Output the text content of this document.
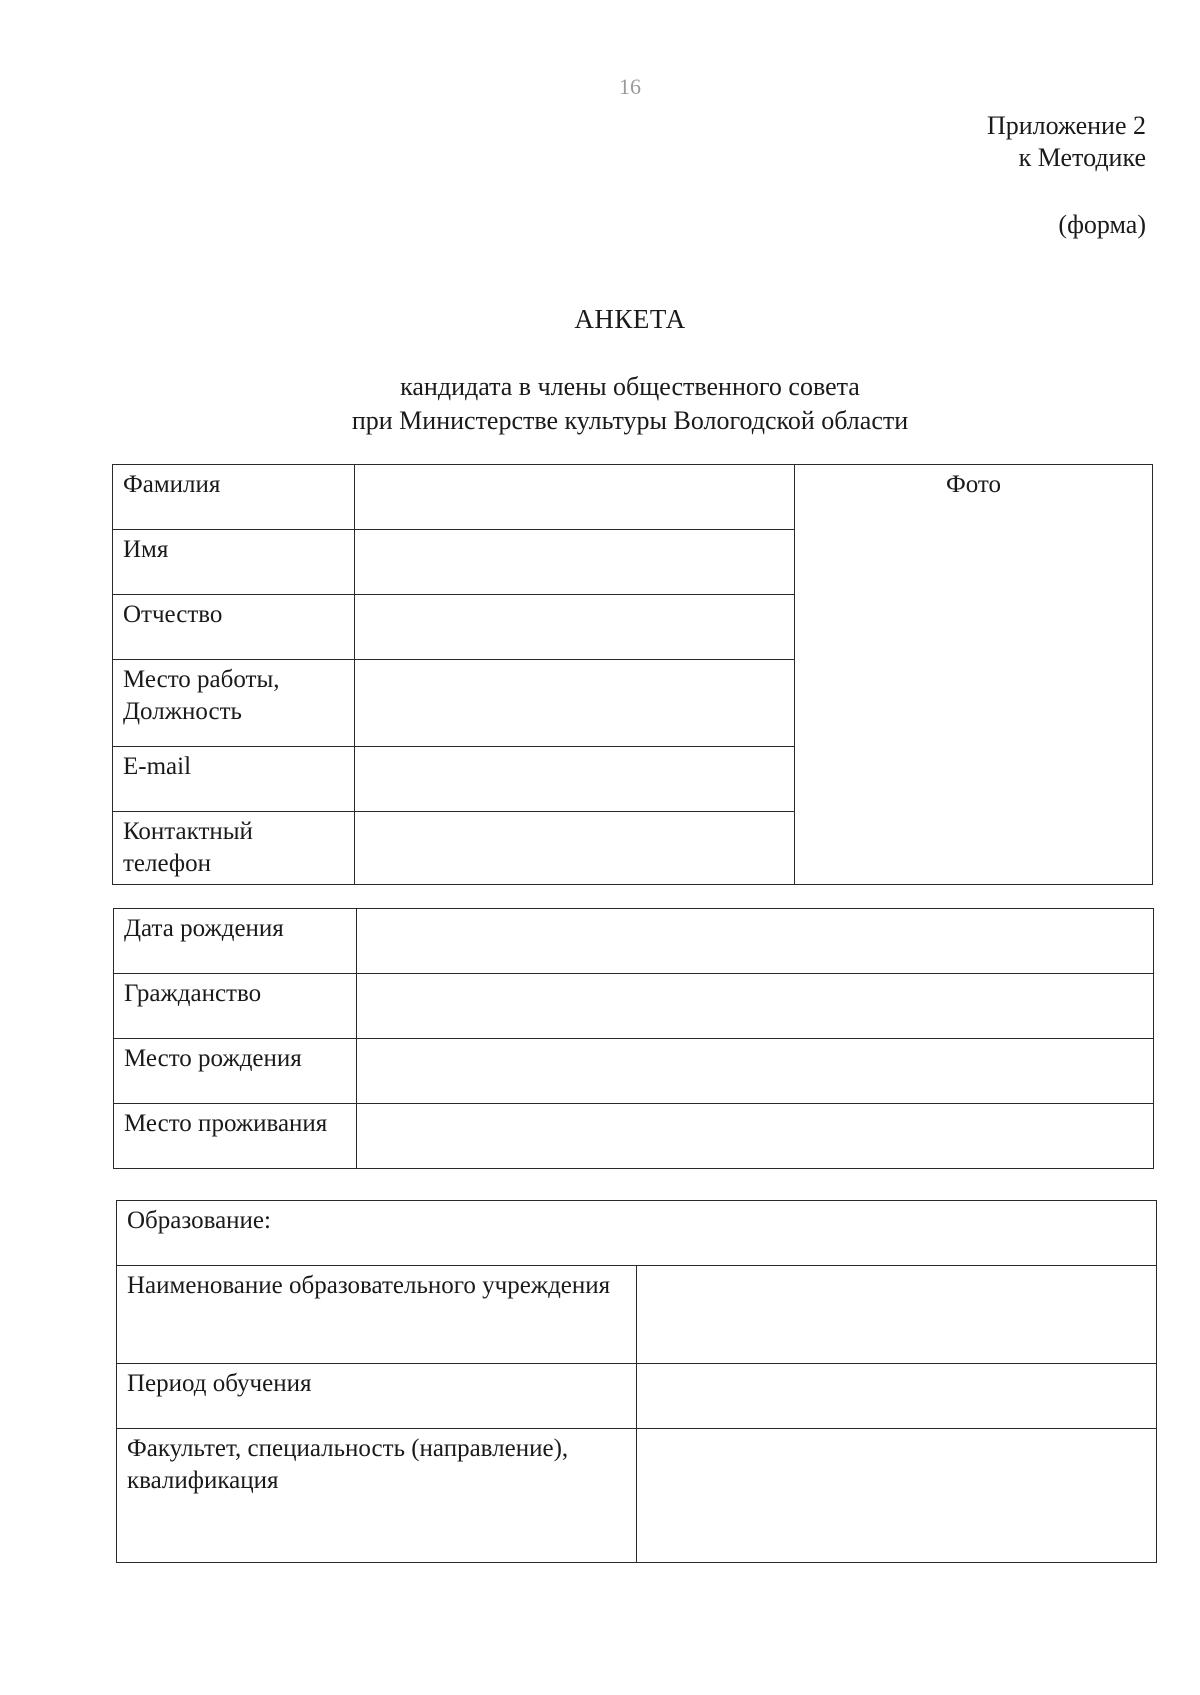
16
Приложение 2
к Методике
(форма)
АНКЕТА
кандидата в члены общественного совета
при Министерстве культуры Вологодской области
Фамилия		Фото
Имя		
Отчество		
Место работы, Должность		
E-mail		
Контактный телефон		
Дата рождения	
Гражданство	
Место рождения	
Место проживания	
Образование:	
Наименование образовательного учреждения	
Период обучения	
Факультет, специальность (направление), квалификация	
